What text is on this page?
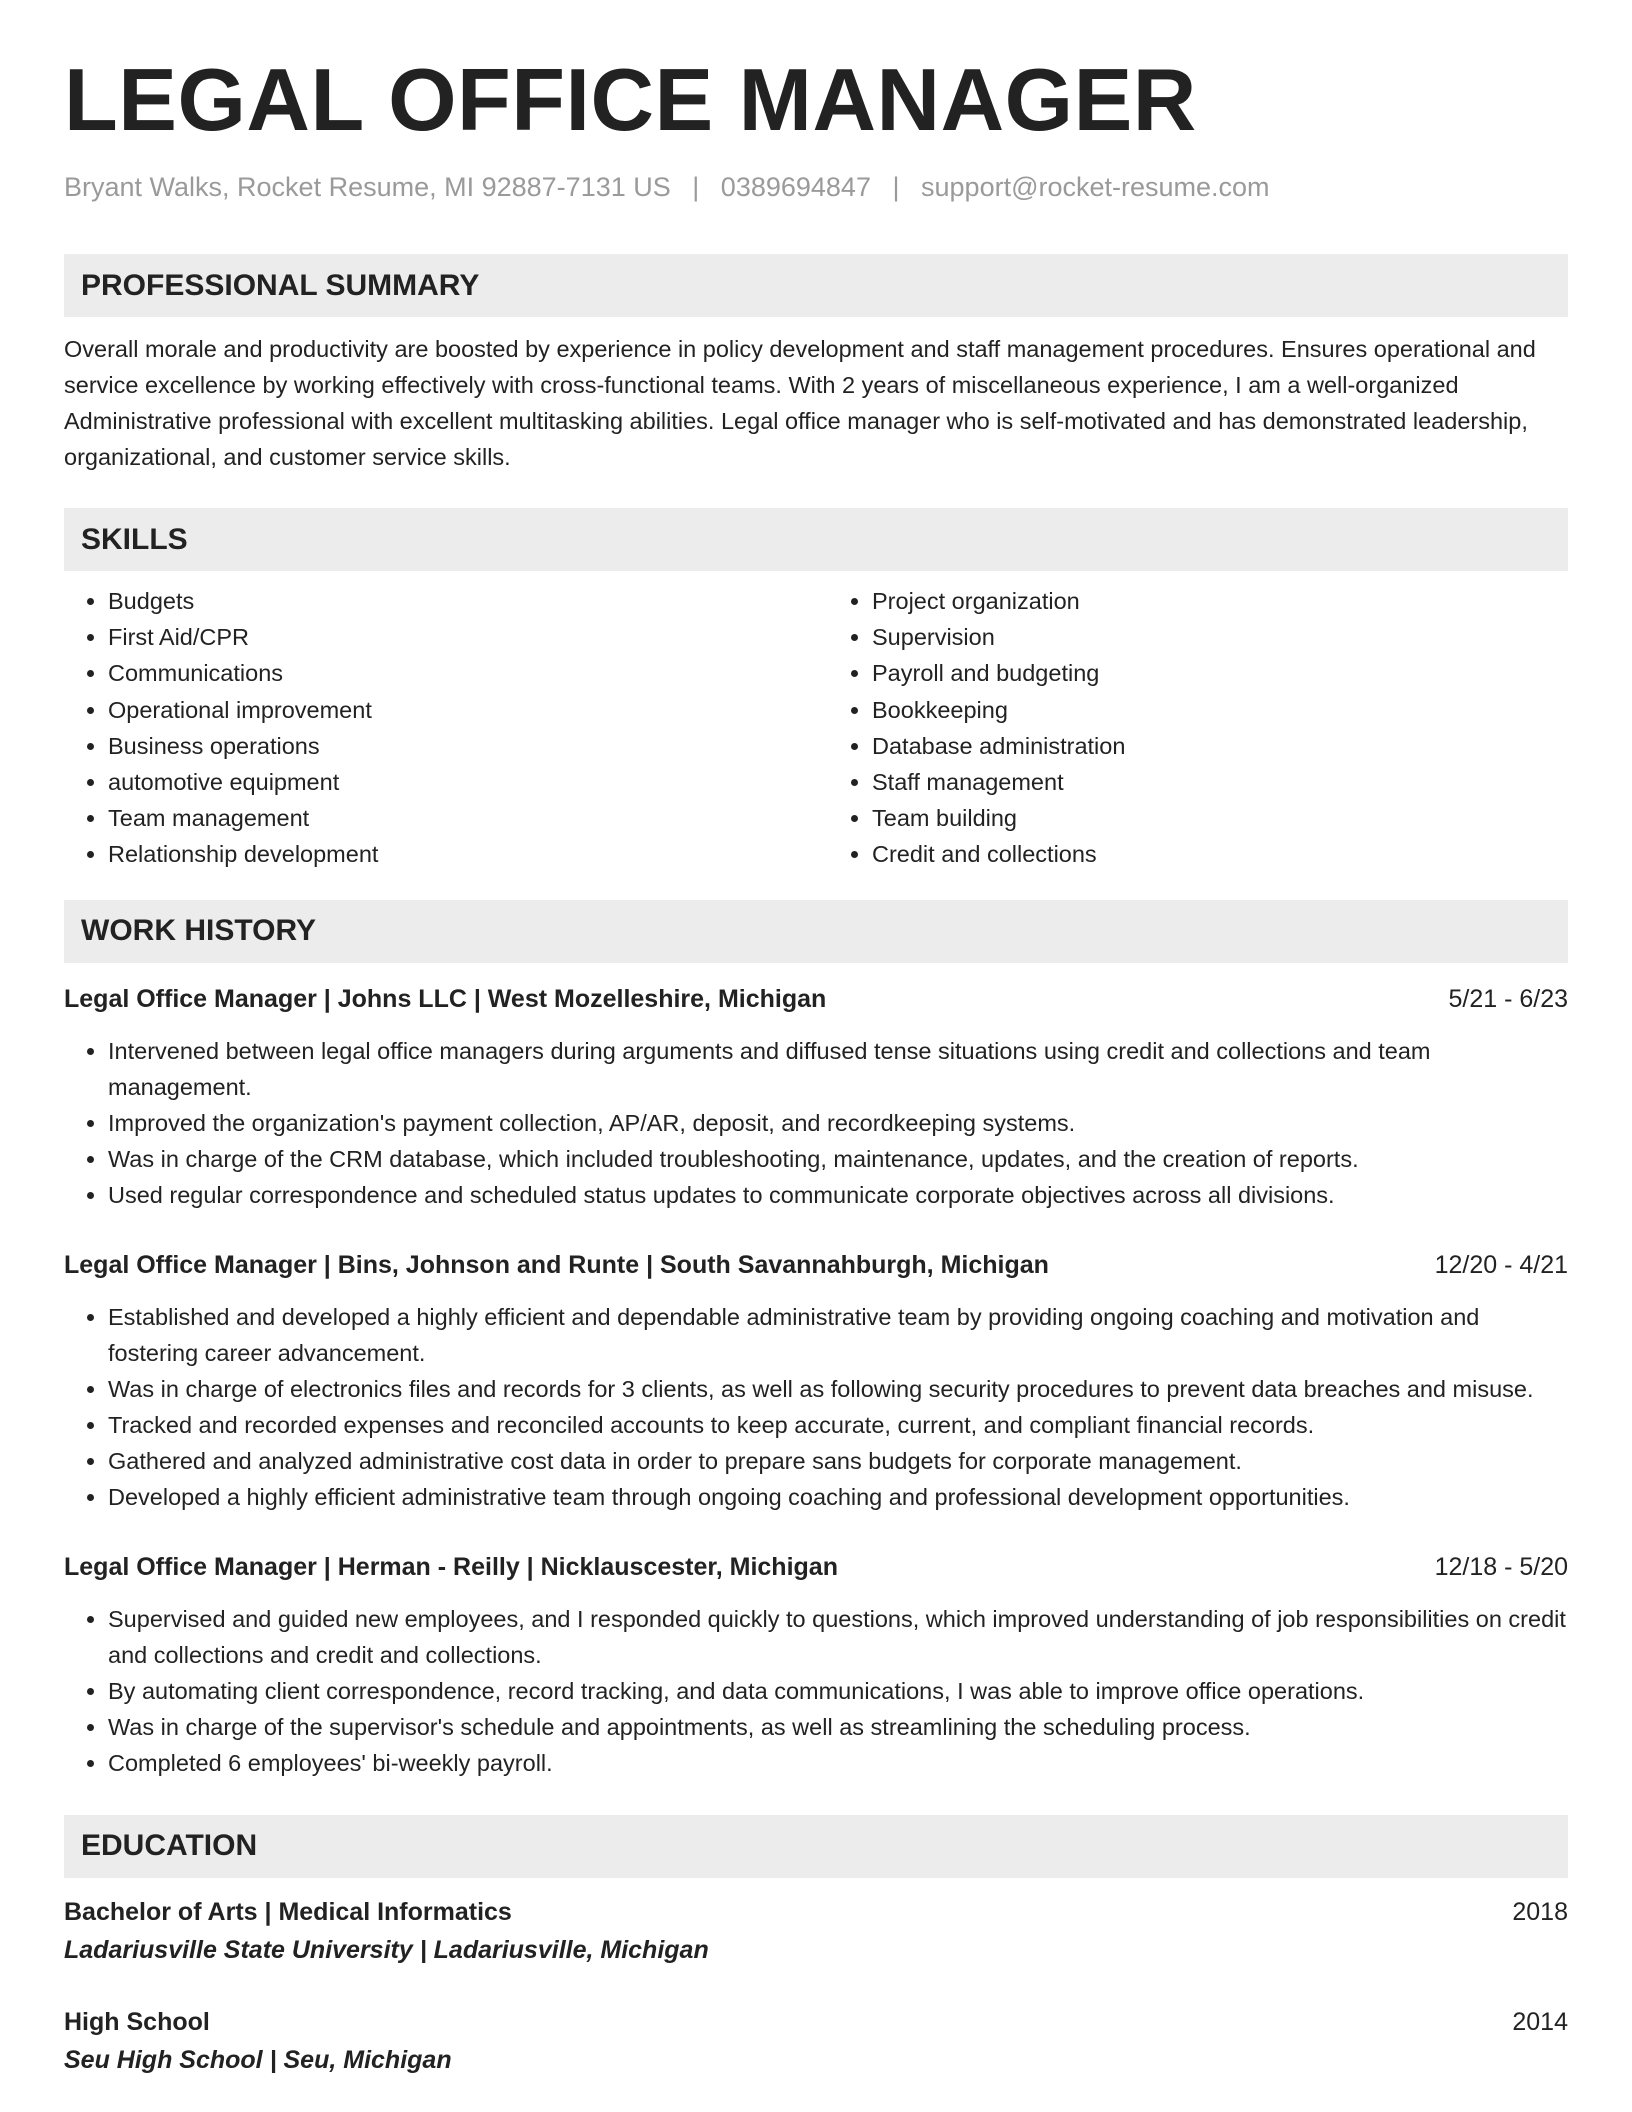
LEGAL OFFICE MANAGER
Bryant Walks, Rocket Resume, MI 92887-7131 US | 0389694847 | support@rocket-resume.com
PROFESSIONAL SUMMARY
Overall morale and productivity are boosted by experience in policy development and staff management procedures. Ensures operational and service excellence by working effectively with cross-functional teams. With 2 years of miscellaneous experience, I am a well-organized Administrative professional with excellent multitasking abilities. Legal office manager who is self-motivated and has demonstrated leadership, organizational, and customer service skills.
SKILLS
• Budgets
• First Aid/CPR
• Communications
• Operational improvement
• Business operations
• automotive equipment
• Team management
• Relationship development
• Project organization
• Supervision
• Payroll and budgeting
• Bookkeeping
• Database administration
• Staff management
• Team building
• Credit and collections
WORK HISTORY
Legal Office Manager | Johns LLC | West Mozelleshire, Michigan	5/21 - 6/23
• Intervened between legal office managers during arguments and diffused tense situations using credit and collections and team management.
• Improved the organization's payment collection, AP/AR, deposit, and recordkeeping systems.
• Was in charge of the CRM database, which included troubleshooting, maintenance, updates, and the creation of reports.
• Used regular correspondence and scheduled status updates to communicate corporate objectives across all divisions.
Legal Office Manager | Bins, Johnson and Runte | South Savannahburgh, Michigan	12/20 - 4/21
• Established and developed a highly efficient and dependable administrative team by providing ongoing coaching and motivation and fostering career advancement.
• Was in charge of electronics files and records for 3 clients, as well as following security procedures to prevent data breaches and misuse.
• Tracked and recorded expenses and reconciled accounts to keep accurate, current, and compliant financial records.
• Gathered and analyzed administrative cost data in order to prepare sans budgets for corporate management.
• Developed a highly efficient administrative team through ongoing coaching and professional development opportunities.
Legal Office Manager | Herman - Reilly | Nicklauscester, Michigan	12/18 - 5/20
• Supervised and guided new employees, and I responded quickly to questions, which improved understanding of job responsibilities on credit and collections and credit and collections.
• By automating client correspondence, record tracking, and data communications, I was able to improve office operations.
• Was in charge of the supervisor's schedule and appointments, as well as streamlining the scheduling process.
• Completed 6 employees' bi-weekly payroll.
EDUCATION
Bachelor of Arts | Medical Informatics	2018
Ladariusville State University | Ladariusville, Michigan
High School	2014
Seu High School | Seu, Michigan
